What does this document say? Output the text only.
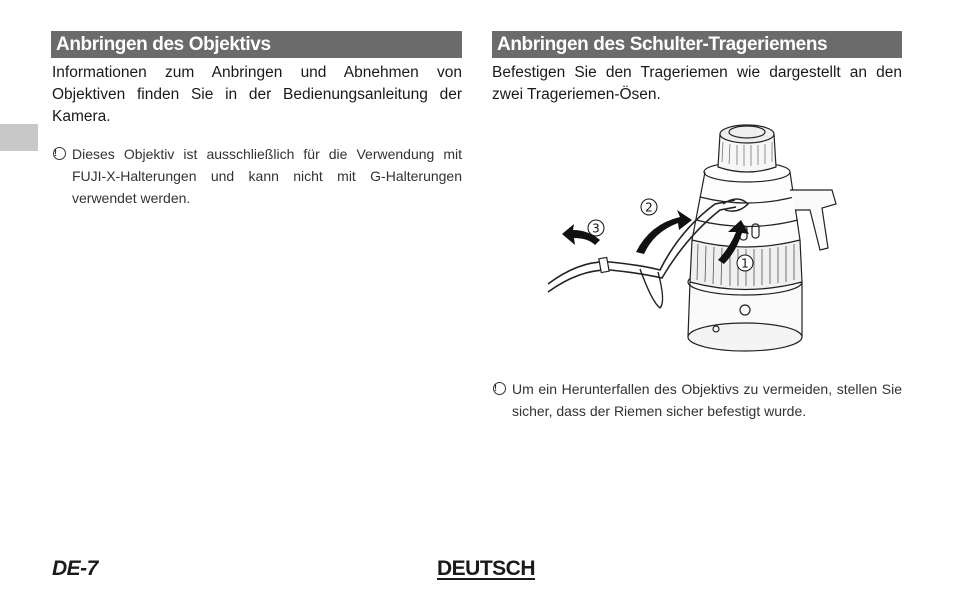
Anbringen des Objektivs

Informationen zum Anbringen und Abnehmen von Objektiven finden Sie in der Bedienungsanleitung der Kamera.

!	Dieses Objektiv ist ausschließlich für die Verwendung mit FUJI-X-Halterungen und kann nicht mit G-Halterungen verwendet werden.
Anbringen des Schulter-Trageriemens

Befestigen Sie den Trageriemen wie dargestellt an den zwei Trageriemen-Ösen.

1
2
3
!	Um ein Herunterfallen des Objektivs zu vermeiden, stellen Sie sicher, dass der Riemen sicher befestigt wurde.
DE-7	DEUTSCH
